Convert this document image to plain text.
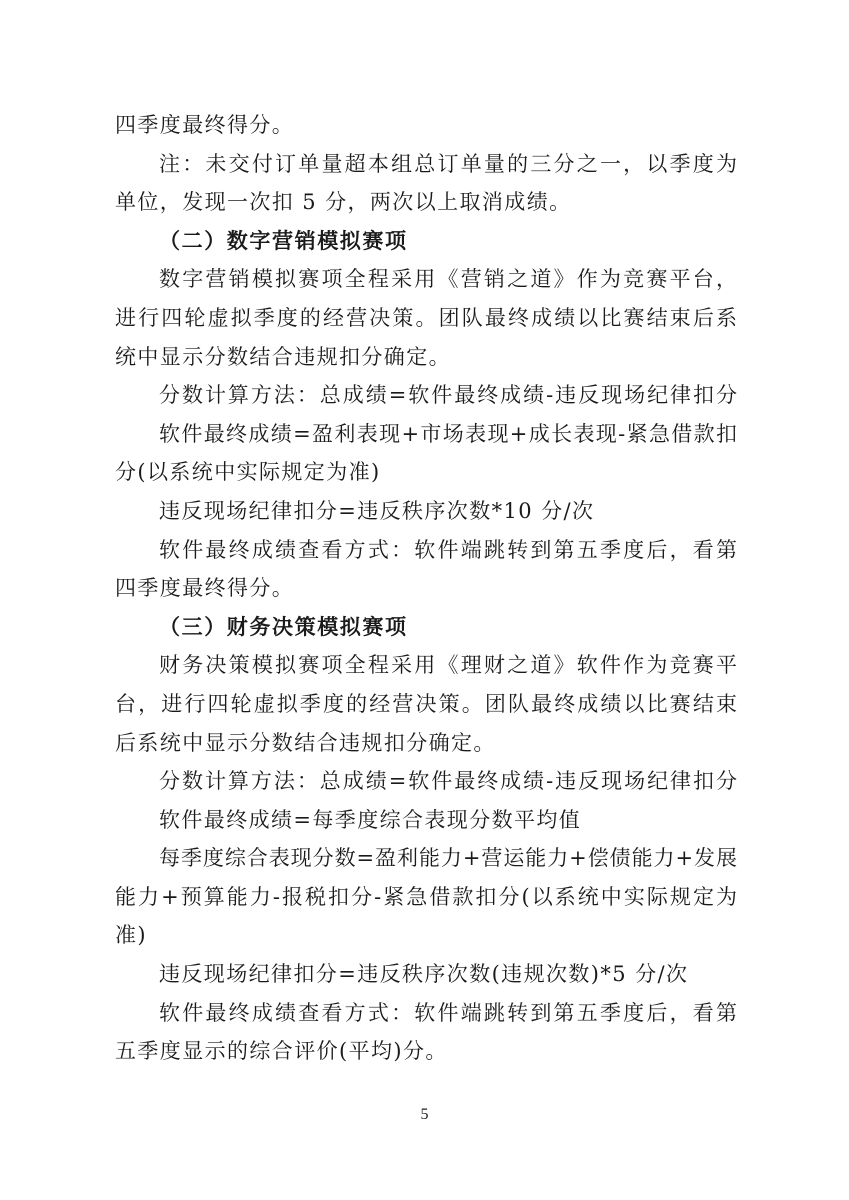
四季度最终得分。
注：未交付订单量超本组总订单量的三分之一，以季度为
单位，发现一次扣 5 分，两次以上取消成绩。
（二）数字营销模拟赛项
数字营销模拟赛项全程采用《营销之道》作为竞赛平台，
进行四轮虚拟季度的经营决策。团队最终成绩以比赛结束后系
统中显示分数结合违规扣分确定。
分数计算方法：总成绩=软件最终成绩-违反现场纪律扣分
软件最终成绩=盈利表现+市场表现+成长表现-紧急借款扣
分(以系统中实际规定为准)
违反现场纪律扣分=违反秩序次数*10 分/次
软件最终成绩查看方式：软件端跳转到第五季度后，看第
四季度最终得分。
（三）财务决策模拟赛项
财务决策模拟赛项全程采用《理财之道》软件作为竞赛平
台，进行四轮虚拟季度的经营决策。团队最终成绩以比赛结束
后系统中显示分数结合违规扣分确定。
分数计算方法：总成绩=软件最终成绩-违反现场纪律扣分
软件最终成绩=每季度综合表现分数平均值
每季度综合表现分数=盈利能力+营运能力+偿债能力+发展
能力+预算能力-报税扣分-紧急借款扣分(以系统中实际规定为
准)
违反现场纪律扣分=违反秩序次数(违规次数)*5 分/次
软件最终成绩查看方式：软件端跳转到第五季度后，看第
五季度显示的综合评价(平均)分。
5
